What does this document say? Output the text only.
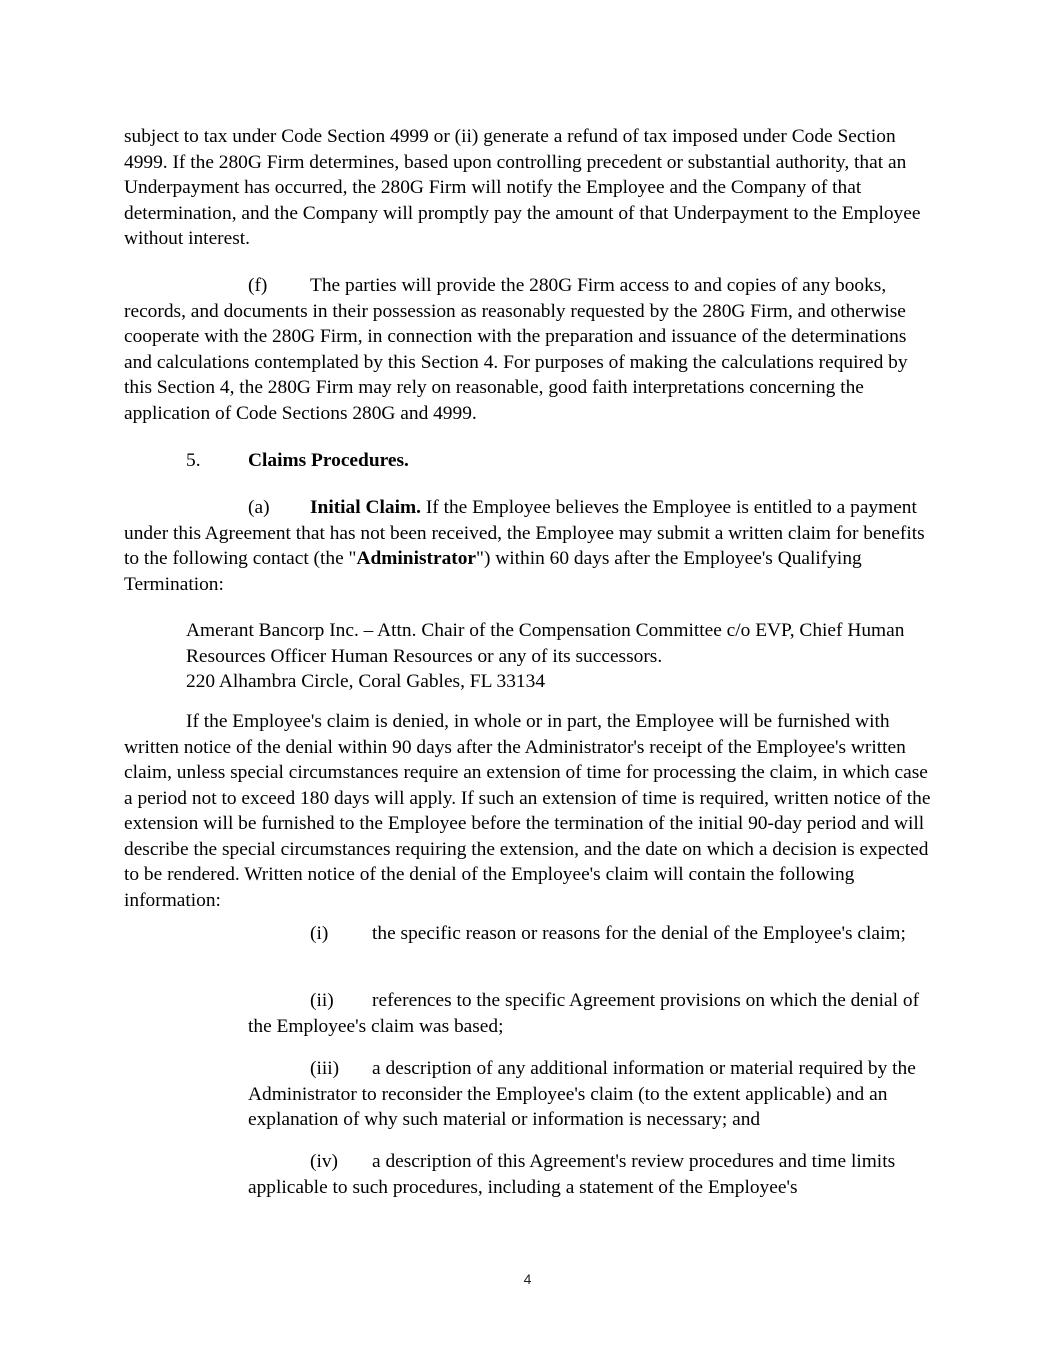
subject to tax under Code Section 4999 or (ii) generate a refund of tax imposed under Code Section 4999. If the 280G Firm determines, based upon controlling precedent or substantial authority, that an Underpayment has occurred, the 280G Firm will notify the Employee and the Company of that determination, and the Company will promptly pay the amount of that Underpayment to the Employee without interest.

(f) The parties will provide the 280G Firm access to and copies of any books, records, and documents in their possession as reasonably requested by the 280G Firm, and otherwise cooperate with the 280G Firm, in connection with the preparation and issuance of the determinations and calculations contemplated by this Section 4. For purposes of making the calculations required by this Section 4, the 280G Firm may rely on reasonable, good faith interpretations concerning the application of Code Sections 280G and 4999.

5. Claims Procedures.

(a) Initial Claim. If the Employee believes the Employee is entitled to a payment under this Agreement that has not been received, the Employee may submit a written claim for benefits to the following contact (the "Administrator") within 60 days after the Employee's Qualifying Termination:

Amerant Bancorp Inc. – Attn. Chair of the Compensation Committee c/o EVP, Chief Human Resources Officer Human Resources or any of its successors.
220 Alhambra Circle, Coral Gables, FL 33134

If the Employee's claim is denied, in whole or in part, the Employee will be furnished with written notice of the denial within 90 days after the Administrator's receipt of the Employee's written claim, unless special circumstances require an extension of time for processing the claim, in which case a period not to exceed 180 days will apply. If such an extension of time is required, written notice of the extension will be furnished to the Employee before the termination of the initial 90-day period and will describe the special circumstances requiring the extension, and the date on which a decision is expected to be rendered. Written notice of the denial of the Employee's claim will contain the following information:

(i) the specific reason or reasons for the denial of the Employee's claim;

(ii) references to the specific Agreement provisions on which the denial of the Employee's claim was based;

(iii) a description of any additional information or material required by the Administrator to reconsider the Employee's claim (to the extent applicable) and an explanation of why such material or information is necessary; and

(iv) a description of this Agreement's review procedures and time limits applicable to such procedures, including a statement of the Employee's

4
